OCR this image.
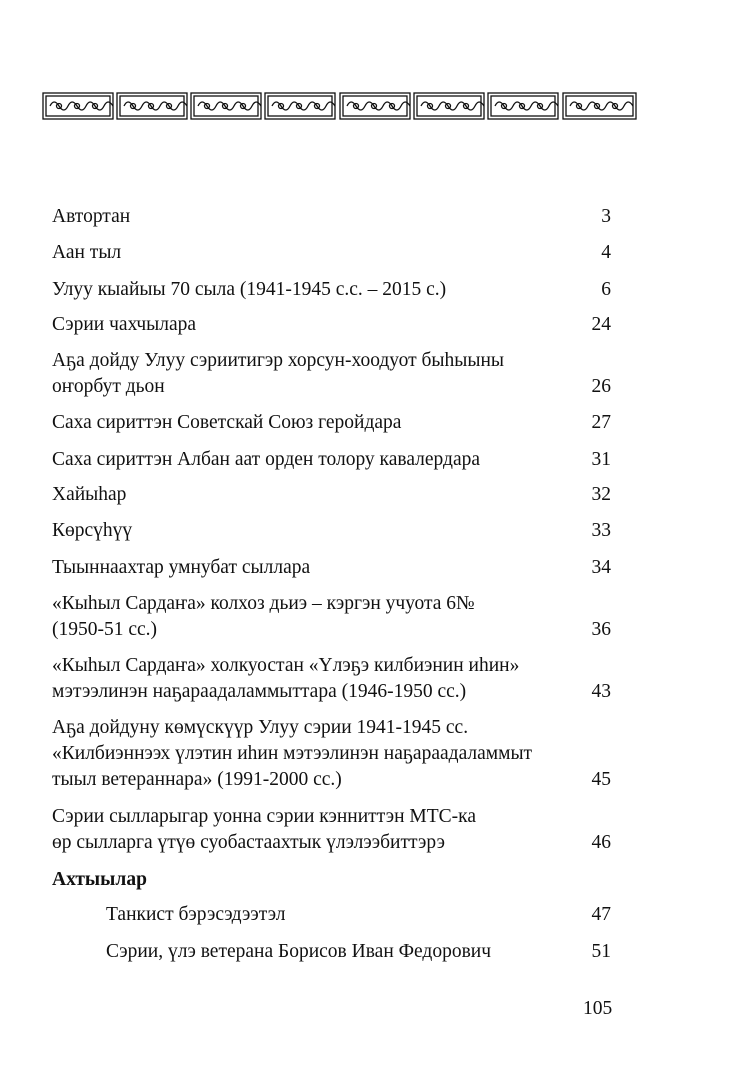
Автортан	3
Аан тыл	4
Улуу кыайыы 70 сыла (1941-1945 с.с. – 2015 с.)	6
Сэрии чахчылара	24
Аҕа дойду Улуу сэриитигэр хорсун-хоодуот быһыыны
оҥорбут дьон	26
Саха сириттэн Советскай Союз геройдара	27
Саха сириттэн Албан аат орден толору кавалердара	31
Хайыһар	32
Көрсүһүү	33
Тыыннаахтар умнубат сыллара	34
«Кыһыл Сардаҥа» колхоз дьиэ – кэргэн учуота 6№
(1950-51 сс.)	36
«Кыһыл Сардаҥа» холкуостан «Үлэҕэ килбиэнин иһин»
мэтээлинэн наҕараадаламмыттара (1946-1950 сс.)	43
Аҕа дойдуну көмүскүүр Улуу сэрии 1941-1945 сс.
«Килбиэннээх үлэтин иһин мэтээлинэн наҕараадаламмыт
тыыл ветераннара» (1991-2000 сс.)	45
Сэрии сылларыгар уонна сэрии кэнниттэн МТС-ка
өр сылларга үтүө суобастаахтык үлэлээбиттэрэ	46
Ахтыылар
Танкист бэрэсэдээтэл	47
Сэрии, үлэ ветерана Борисов Иван Федорович	51
105
